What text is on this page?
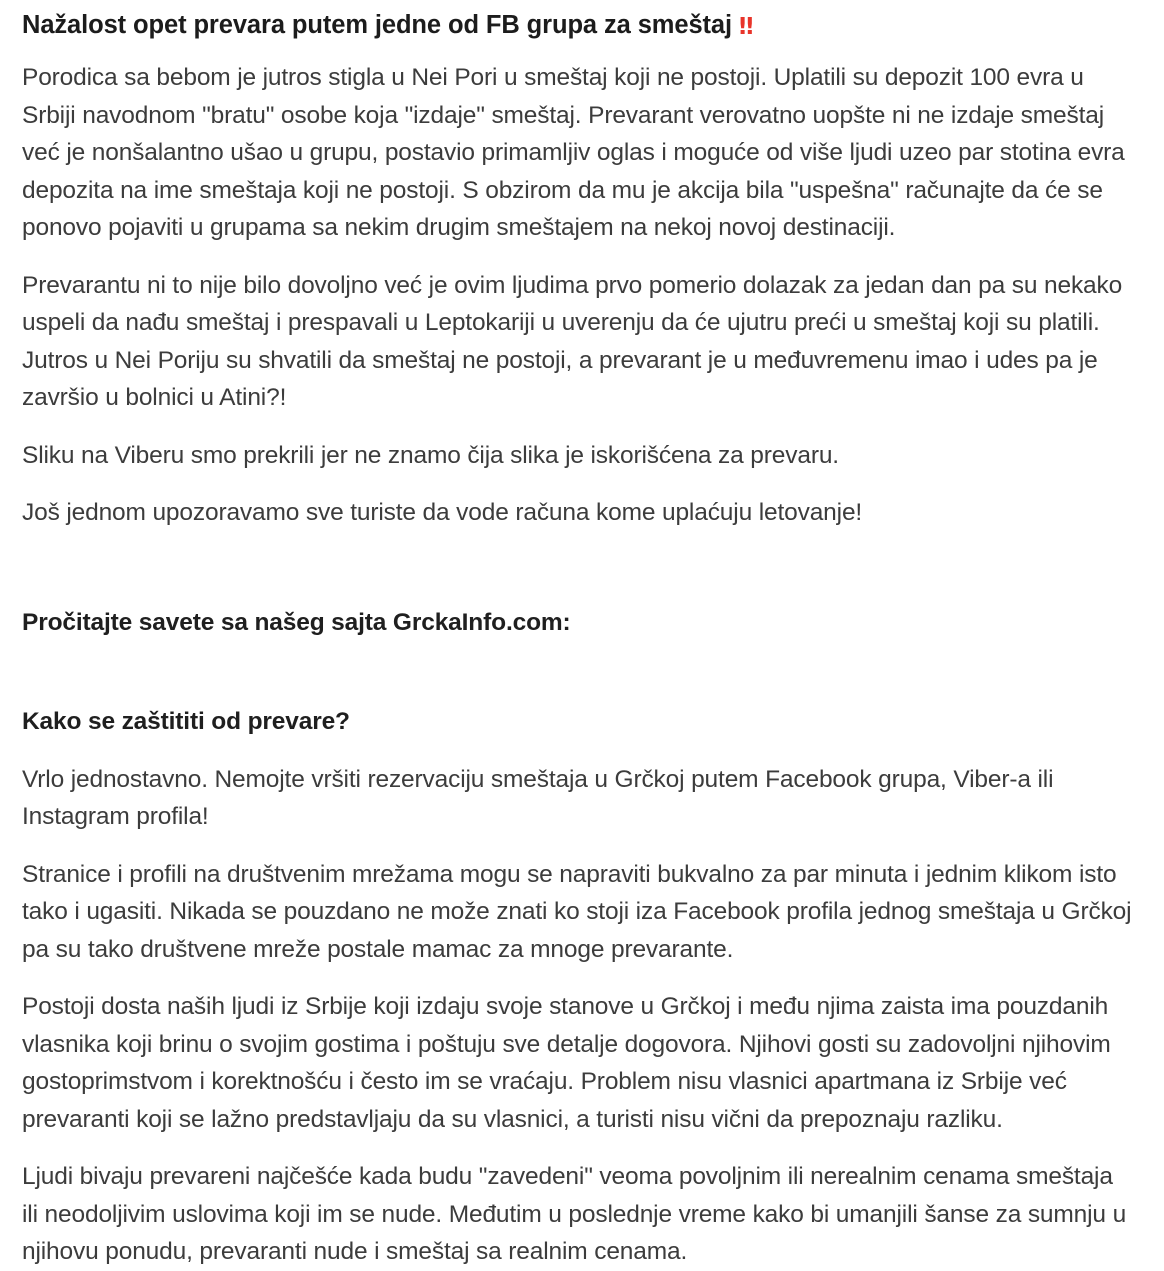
Nažalost opet prevara putem jedne od FB grupa za smeštaj ‼

Porodica sa bebom je jutros stigla u Nei Pori u smeštaj koji ne postoji. Uplatili su depozit 100 evra u Srbiji navodnom "bratu" osobe koja "izdaje" smeštaj. Prevarant verovatno uopšte ni ne izdaje smeštaj već je nonšalantno ušao u grupu, postavio primamljiv oglas i moguće od više ljudi uzeo par stotina evra depozita na ime smeštaja koji ne postoji. S obzirom da mu je akcija bila "uspešna" računajte da će se ponovo pojaviti u grupama sa nekim drugim smeštajem na nekoj novoj destinaciji.

Prevarantu ni to nije bilo dovoljno već je ovim ljudima prvo pomerio dolazak za jedan dan pa su nekako uspeli da nađu smeštaj i prespavali u Leptokariji u uverenju da će ujutru preći u smeštaj koji su platili. Jutros u Nei Poriju su shvatili da smeštaj ne postoji, a prevarant je u međuvremenu imao i udes pa je završio u bolnici u Atini?!

Sliku na Viberu smo prekrili jer ne znamo čija slika je iskorišćena za prevaru.

Još jednom upozoravamo sve turiste da vode računa kome uplaćuju letovanje!

Pročitajte savete sa našeg sajta GrckaInfo.com:
Kako se zaštititi od prevare?

Vrlo jednostavno. Nemojte vršiti rezervaciju smeštaja u Grčkoj putem Facebook grupa, Viber-a ili Instagram profila!

Stranice i profili na društvenim mrežama mogu se napraviti bukvalno za par minuta i jednim klikom isto tako i ugasiti. Nikada se pouzdano ne može znati ko stoji iza Facebook profila jednog smeštaja u Grčkoj pa su tako društvene mreže postale mamac za mnoge prevarante.

Postoji dosta naših ljudi iz Srbije koji izdaju svoje stanove u Grčkoj i među njima zaista ima pouzdanih vlasnika koji brinu o svojim gostima i poštuju sve detalje dogovora. Njihovi gosti su zadovoljni njihovim gostoprimstvom i korektnošću i često im se vraćaju. Problem nisu vlasnici apartmana iz Srbije već prevaranti koji se lažno predstavljaju da su vlasnici, a turisti nisu vični da prepoznaju razliku.

Ljudi bivaju prevareni najčešće kada budu "zavedeni" veoma povoljnim ili nerealnim cenama smeštaja ili neodoljivim uslovima koji im se nude. Međutim u poslednje vreme kako bi umanjili šanse za sumnju u njihovu ponudu, prevaranti nude i smeštaj sa realnim cenama.
